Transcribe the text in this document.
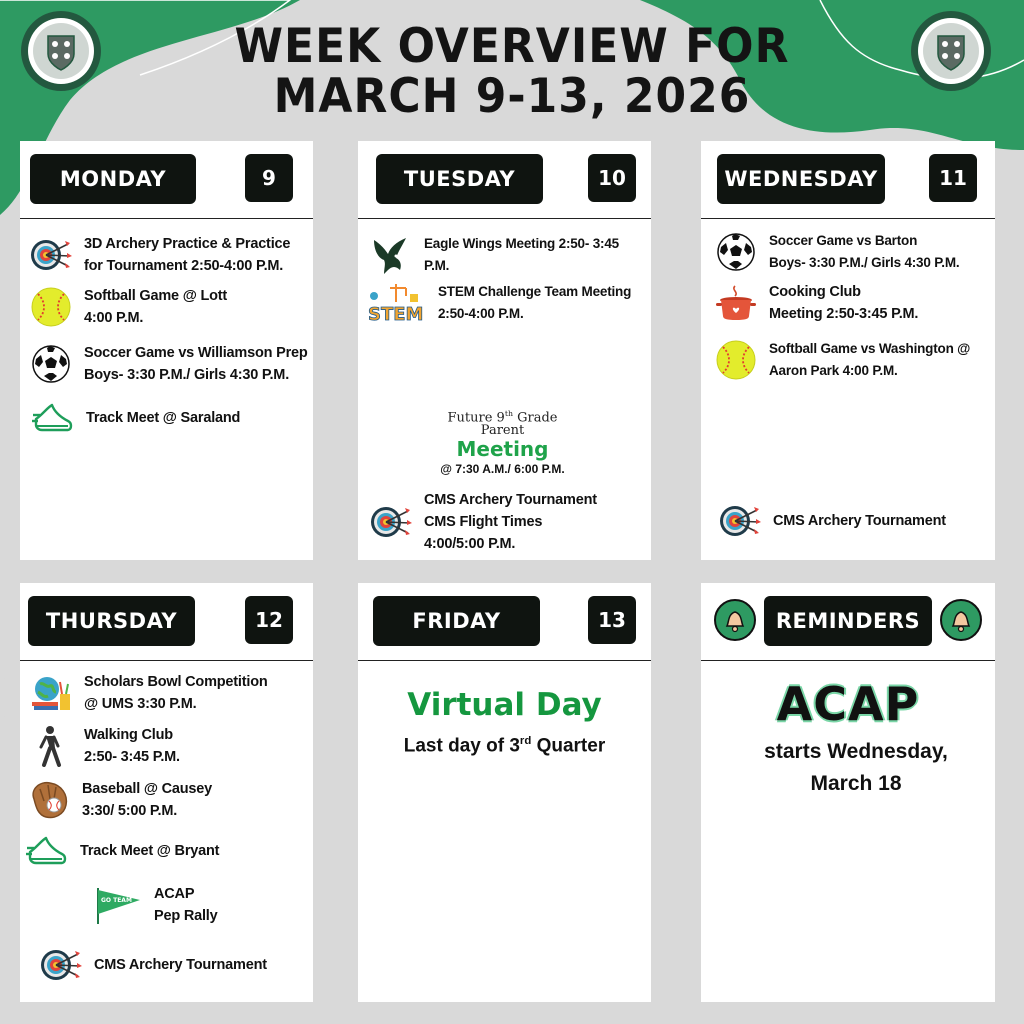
WEEK OVERVIEW FOR
MARCH 9-13, 2026
MONDAY	9
3D Archery Practice & Practice
for Tournament 2:50-4:00 P.M.
Softball Game @ Lott
4:00 P.M.
Soccer Game vs Williamson Prep
Boys- 3:30 P.M./ Girls 4:30 P.M.
Track Meet @ Saraland
TUESDAY	10
Eagle Wings Meeting 2:50- 3:45
P.M.
STEM
STEM Challenge Team Meeting
2:50-4:00 P.M.
Future 9th Grade
Parent
Meeting
@ 7:30 A.M./ 6:00 P.M.
CMS Archery Tournament
CMS Flight Times
4:00/5:00 P.M.
WEDNESDAY	11
Soccer Game vs Barton
Boys- 3:30 P.M./ Girls 4:30 P.M.
Cooking Club
Meeting 2:50-3:45 P.M.
Softball Game vs Washington @
Aaron Park 4:00 P.M.
CMS Archery Tournament
THURSDAY	12
Scholars Bowl Competition
@ UMS 3:30 P.M.
Walking Club
2:50- 3:45 P.M.
Baseball @ Causey
3:30/ 5:00 P.M.
Track Meet @ Bryant
GO TEAM ACAP
Pep Rally
CMS Archery Tournament
FRIDAY	13
Virtual Day
Last day of 3rd Quarter
REMINDERS
ACAP
starts Wednesday,
March 18
